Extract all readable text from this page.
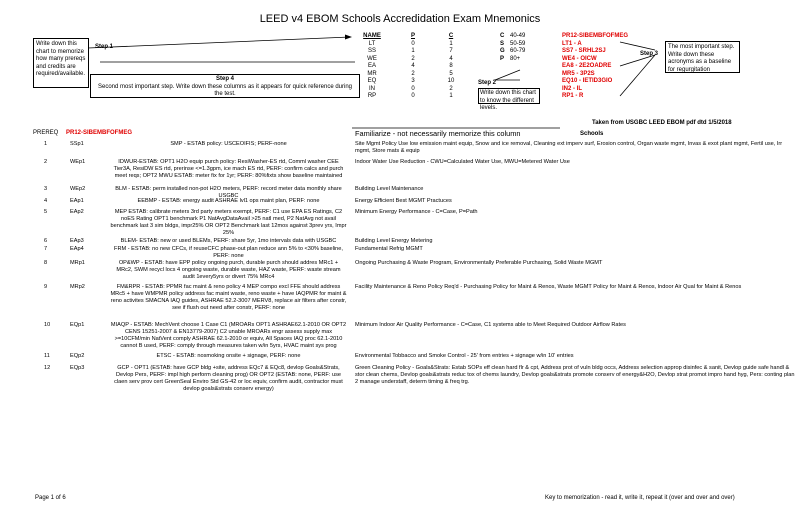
LEED v4 EBOM Schools Accredidation Exam Mnemonics
Write down this chart to memorize how many prereqs and credits are required/available.
Step 1
Step 4
Second most important step. Write down these columns as it appears for quick reference during the test.
NAME	P	C
LT	0	1
SS	1	7
WE	2	4
EA	4	8
MR	2	5
EQ	3	10
IN	0	2
RP	0	1
C 40-49
S 50-59
G 60-79
P 80+
Step 2
Write down this chart to know the different levels.
PR12-SIBEMBFOFMEG
LT1 - A
SS7 - SRHL2SJ
WE4 - OICW
EA8 - 2E2OADRE
MR5 - 3P2S
EQ10 - IETID3GIO
IN2 - IL
RP1 - R
Step 3
The most important step. Write down these acronyms as a baseline for regurgitation
Taken from USGBC LEED EBOM pdf dtd 1/5/2018
PREREQ PR12-SIBEMBFOFMEG	Familiarize - not necessarily memorize this column	Schools
1	SSp1	SMP - ESTAB policy: USCEOIFIS; PERF-none	Site Mgmt Policy Use low emission maint equip, Snow and ice removal, Cleaning ext imperv surf, Erosion control, Organ waste mgmt, Invas & exot plant mgmt, Fertil use, Irr mgmt, Store mats & equip
2	WEp1	IDWUR-ESTAB: OPT1 H2O equip purch policy: ResiWasher-ES rtd, Comml washer CEE Tier3A, ResiDW ES rtd, prerinse <=1.3gpm, ice mach ES rtd, PERF: confirm calcs and purch meet reqs; OPT2 MWU ESTAB: meter fix for 1yr; PERF: 80%fixts show baseline maintained
Indoor Water Use Reduction - CWU=Calculated Water Use, MWU=Metered Water Use
3	WEp2	BLM - ESTAB: perm installed non-pot H2O meters, PERF: record meter data monthly share USGBC
Building Level Maintenance
4	EAp1	EEBMP - ESTAB: energy audit ASHRAE lvl1 ops maint plan, PERF: none	Energy Efficient Best MGMT Practuces
5	EAp2	MEP ESTAB: calibrate meters 3rd party meters exempt, PERF: C1 use EPA ES Ratings, C2 noES Rating OPT1 benchmark P1 NatAvgDataAvail >25 natl med, P2 NatAvg not avail benchmark last 3 sim bldgs, impr25% OR OPT2 Benchmark last 12mos against 3prev yrs, Impr 25%
Minimum Energy Performance - C=Case, P=Path
6	EAp3	BLEM- ESTAB: new or used BLEMs, PERF: share 5yr, 1mo intervals data with USGBC	Building Level Energy Metering
7	EAp4	FRM - ESTAB: no new CFCs, if reuseCFC phase-out plan reduce ann 5% to <30% baseline, PERF: none
Fundamental Refrig MGMT
8	MRp1	OP&WP - ESTAB: have EPP policy ongoing purch, durable purch should addres MRc1 + MRc2, SWM recycl locs 4 ongoing waste, durable waste, HAZ waste, PERF: waste stream audit 1every5yrs or divert 75% MRc4
Ongoing Purchasing & Waste Program, Environmentally Preferable Purchasing, Solid Waste MGMT
9	MRp2	FM&RPR - ESTAB: PPMR fac maint & reno policy 4 MEP compo excl FFE should address MRc5 + have WMPMR policy address fac maint waste, reno waste + have IAQPMR for maint & reno activites SMACNA IAQ guides, ASHRAE 52.2-3007 MERV8, replace air filters after constr, see if flush out need after constr, PERF: none
Facility Maintenance & Reno Policy Req'd - Purchasing Policy for Maint & Renos, Waste MGMT Policy for Maint & Renos, Indoor Air Qual for Maint & Renos
10	EQp1	MIAQP - ESTAB: MechVent choose 1 Case C1 (MROARs OPT1 ASHRAE62.1-2010 OR OPT2 CENS 15251-2007 & EN13779-2007) C2 unable MROARs engr assess supply max >=10CFM/min NatVent comply ASHRAE 62.1-2010 or equiv, All Spaces IAQ proc 62.1-2010 cannot B used, PERF: comply through measures taken w/in 5yrs, HVAC maint sys prog
Minimum Indoor Air Quality Performance - C=Case, C1 systems able to Meet Required Outdoor Airflow Rates
11	EQp2	ETSC - ESTAB: nosmoking onsite + signage, PERF: none	Environmental Tobbacco and Smoke Control - 25' from entries + signage w/in 10' entries
12	EQp3	GCP - OPT1 (ESTAB: have GCP bldg +site, address EQc7 & EQc8, devlop Goals&Strats, Devlop Pers, PERF: impl high perform cleaning prog) OR OPT2 (ESTAB: none, PERF: use claen serv prov cert GreenSeal Enviro Std GS-42 or loc equiv, confirm audit, contractor must devlop goals&strats conserv energy)
Green Cleaning Policy - Goals&Strats: Estab SOPs eff clean hard flr & cpt, Address prot of vuln bldg occs, Address selection approp disinfec & sanit, Devlop guide safe handl & stor clean chems, Devlop goals&strats reduc tox of chems laundry, Devlop goals&strats promote conserv of energy&H2O, Devlop strat promot impro hand hyg, Pers: conting plan 2 manage understaff, determ timing & freq trg.
Page 1 of 6	Key to memorization - read it, write it, repeat it (over and over and over)
